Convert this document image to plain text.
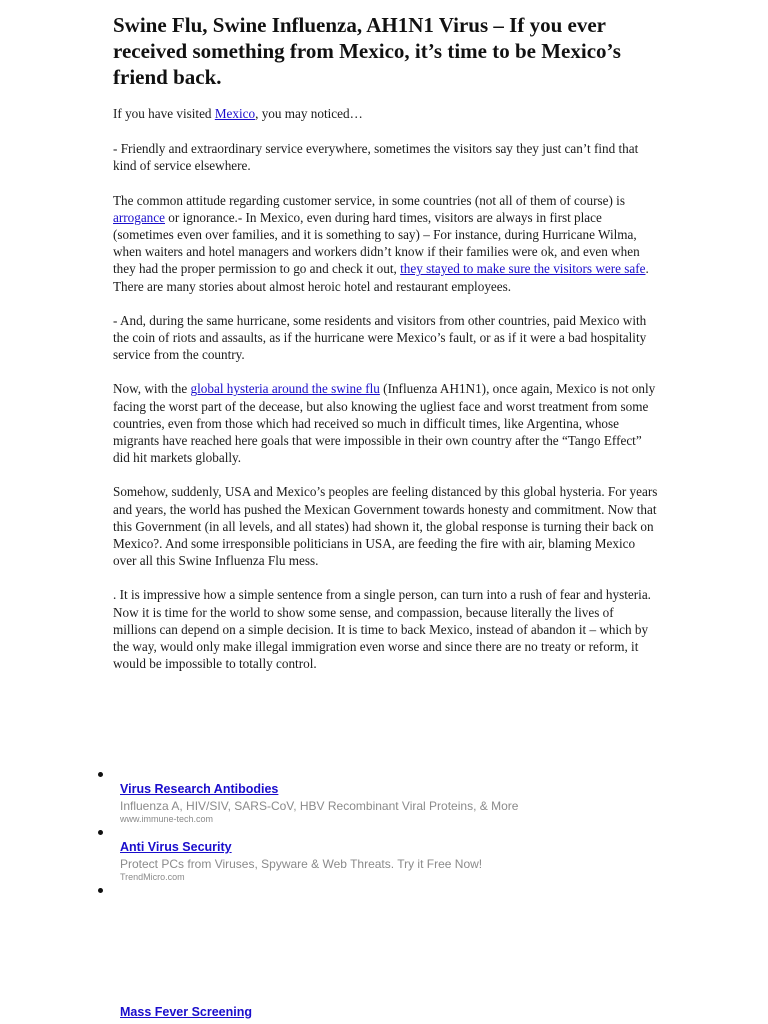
Swine Flu, Swine Influenza, AH1N1 Virus – If you ever received something from Mexico, it’s time to be Mexico’s friend back.

If you have visited Mexico, you may noticed…

- Friendly and extraordinary service everywhere, sometimes the visitors say they just can’t find that kind of service elsewhere.

The common attitude regarding customer service, in some countries (not all of them of course) is arrogance or ignorance.- In Mexico, even during hard times, visitors are always in first place (sometimes even over families, and it is something to say) – For instance, during Hurricane Wilma, when waiters and hotel managers and workers didn’t know if their families were ok, and even when they had the proper permission to go and check it out, they stayed to make sure the visitors were safe. There are many stories about almost heroic hotel and restaurant employees.

- And, during the same hurricane, some residents and visitors from other countries, paid Mexico with the coin of riots and assaults, as if the hurricane were Mexico’s fault, or as if it were a bad hospitality service from the country.

Now, with the global hysteria around the swine flu (Influenza AH1N1), once again, Mexico is not only facing the worst part of the decease, but also knowing the ugliest face and worst treatment from some countries, even from those which had received so much in difficult times, like Argentina, whose migrants have reached here goals that were impossible in their own country after the “Tango Effect” did hit markets globally.

Somehow, suddenly, USA and Mexico’s peoples are feeling distanced by this global hysteria. For years and years, the world has pushed the Mexican Government towards honesty and commitment. Now that this Government (in all levels, and all states) had shown it, the global response is turning their back on Mexico?. And some irresponsible politicians in USA, are feeding the fire with air, blaming Mexico over all this Swine Influenza Flu mess.

. It is impressive how a simple sentence from a single person, can turn into a rush of fear and hysteria. Now it is time for the world to show some sense, and compassion, because literally the lives of millions can depend on a simple decision. It is time to back Mexico, instead of abandon it – which by the way, would only make illegal immigration even worse and since there are no treaty or reform, it would be impossible to totally control.

Virus Research Antibodies
Influenza A, HIV/SIV, SARS-CoV, HBV Recombinant Viral Proteins, & More
www.immune-tech.com
Anti Virus Security
Protect PCs from Viruses, Spyware & Web Threats. Try it Free Now!
TrendMicro.com
Mass Fever Screening
